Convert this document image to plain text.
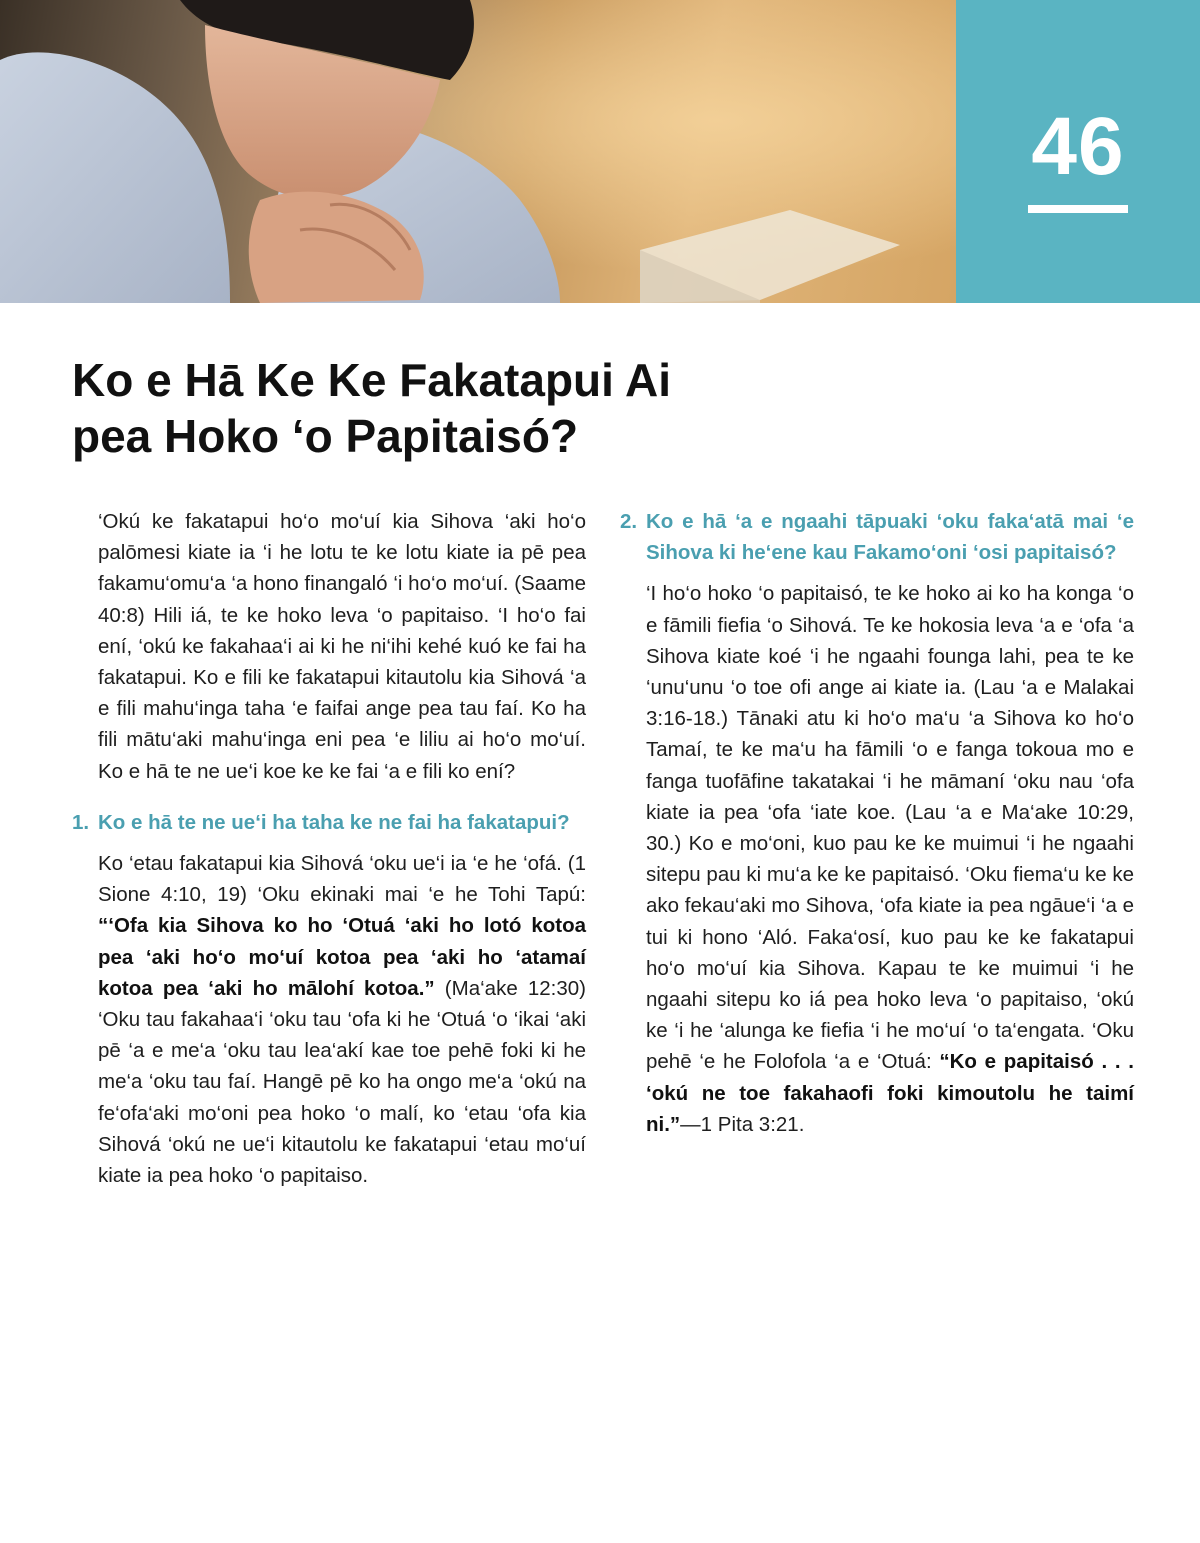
46
Ko e Hā Ke Ke Fakatapui Ai
pea Hoko ‘o Papitaisó?

‘Okú ke fakatapui ho‘o mo‘uí kia Sihova ‘aki ho‘o palōmesi kiate ia ‘i he lotu te ke lotu kiate ia pē pea fakamu‘omu‘a ‘a hono finangaló ‘i ho‘o mo‘uí. (Saame 40:8) Hili iá, te ke hoko leva ‘o papitaiso. ‘I ho‘o fai ení, ‘okú ke fakahaa‘i ai ki he ni‘ihi kehé kuó ke fai ha fakatapui. Ko e fili ke fakatapui kitautolu kia Sihová ‘a e fili mahu‘inga taha ‘e faifai ange pea tau faí. Ko ha fili mātu‘aki mahu‘inga eni pea ‘e liliu ai ho‘o mo‘uí. Ko e hā te ne ue‘i koe ke ke fai ‘a e fili ko ení?

1. Ko e hā te ne ue‘i ha taha ke ne fai ha fakatapui?

Ko ‘etau fakatapui kia Sihová ‘oku ue‘i ia ‘e he ‘ofá. (1 Sione 4:10, 19) ‘Oku ekinaki mai ‘e he Tohi Tapú: “‘Ofa kia Sihova ko ho ‘Otuá ‘aki ho lotó kotoa pea ‘aki ho‘o mo‘uí kotoa pea ‘aki ho ‘atamaí kotoa pea ‘aki ho mālohí kotoa.” (Ma‘ake 12:30) ‘Oku tau fakahaa‘i ‘oku tau ‘ofa ki he ‘Otuá ‘o ‘ikai ‘aki pē ‘a e me‘a ‘oku tau lea‘akí kae toe pehē foki ki he me‘a ‘oku tau faí. Hangē pē ko ha ongo me‘a ‘okú na fe‘ofa‘aki mo‘oni pea hoko ‘o malí, ko ‘etau ‘ofa kia Sihová ‘okú ne ue‘i kitautolu ke fakatapui ‘etau mo‘uí kiate ia pea hoko ‘o papitaiso.

2. Ko e hā ‘a e ngaahi tāpuaki ‘oku faka‘atā mai ‘e Sihova ki he‘ene kau Fakamo‘oni ‘osi papitaisó?

‘I ho‘o hoko ‘o papitaisó, te ke hoko ai ko ha konga ‘o e fāmili fiefia ‘o Sihová. Te ke hokosia leva ‘a e ‘ofa ‘a Sihova kiate koé ‘i he ngaahi founga lahi, pea te ke ‘unu‘unu ‘o toe ofi ange ai kiate ia. (Lau ‘a e Malakai 3:16-18.) Tānaki atu ki ho‘o ma‘u ‘a Sihova ko ho‘o Tamaí, te ke ma‘u ha fāmili ‘o e fanga tokoua mo e fanga tuofāfine takatakai ‘i he māmaní ‘oku nau ‘ofa kiate ia pea ‘ofa ‘iate koe. (Lau ‘a e Ma‘ake 10:29, 30.) Ko e mo‘oni, kuo pau ke ke muimui ‘i he ngaahi sitepu pau ki mu‘a ke ke papitaisó. ‘Oku fiema‘u ke ke ako fekau‘aki mo Sihova, ‘ofa kiate ia pea ngāue‘i ‘a e tui ki hono ‘Aló. Faka‘osí, kuo pau ke ke fakatapui ho‘o mo‘uí kia Sihova. Kapau te ke muimui ‘i he ngaahi sitepu ko iá pea hoko leva ‘o papitaiso, ‘okú ke ‘i he ‘alunga ke fiefia ‘i he mo‘uí ‘o ta‘engata. ‘Oku pehē ‘e he Folofola ‘a e ‘Otuá: “Ko e papitaisó . . . ‘okú ne toe fakahaofi foki kimoutolu he taimí ni.”—1 Pita 3:21.
